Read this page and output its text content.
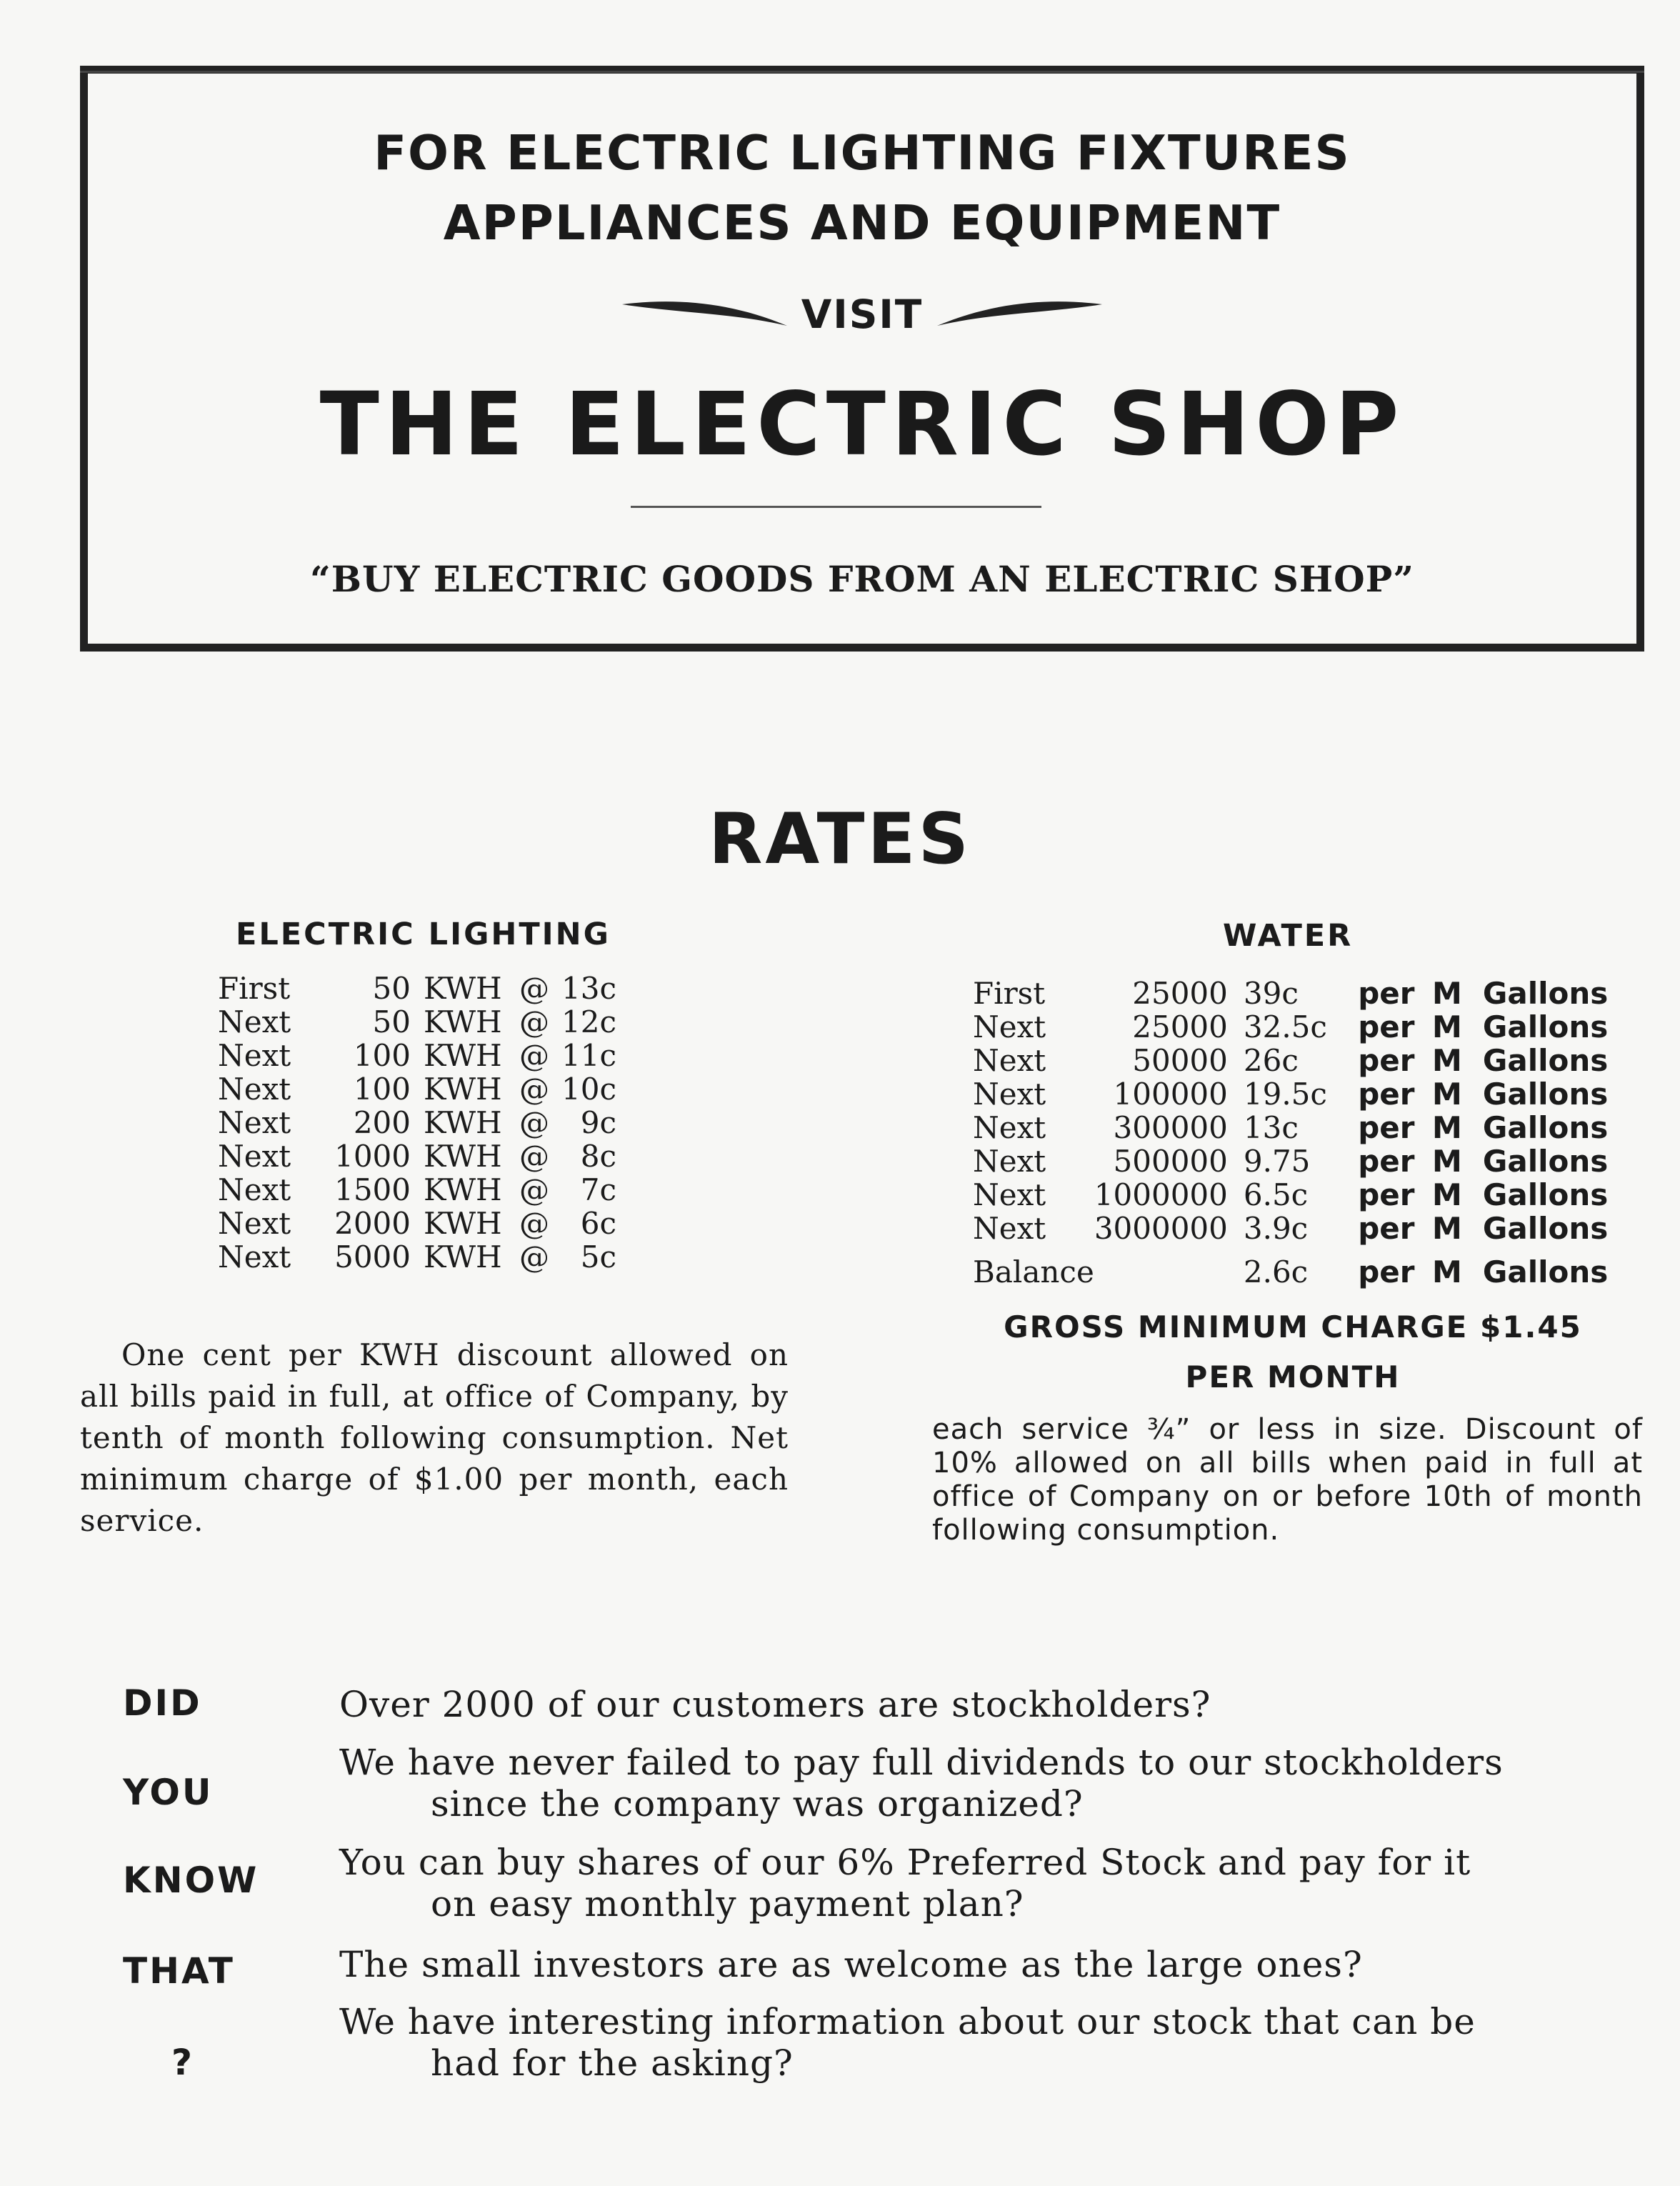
FOR ELECTRIC LIGHTING FIXTURES
APPLIANCES AND EQUIPMENT
VISIT
THE ELECTRIC SHOP
“BUY ELECTRIC GOODS FROM AN ELECTRIC SHOP”
RATES
ELECTRIC LIGHTING	WATER
First	50	KWH	@	13c
Next	50	KWH	@	12c
Next	100	KWH	@	11c
Next	100	KWH	@	10c
Next	200	KWH	@	9c
Next	1000	KWH	@	8c
Next	1500	KWH	@	7c
Next	2000	KWH	@	6c
Next	5000	KWH	@	5c
First	25000	39c	per	M	Gallons
Next	25000	32.5c	per	M	Gallons
Next	50000	26c	per	M	Gallons
Next	100000	19.5c	per	M	Gallons
Next	300000	13c	per	M	Gallons
Next	500000	9.75	per	M	Gallons
Next	1000000	6.5c	per	M	Gallons
Next	3000000	3.9c	per	M	Gallons
Balance		2.6c	per	M	Gallons
GROSS MINIMUM CHARGE $1.45
PER MONTH
One cent per KWH discount allowed on all bills paid in full, at office of Company, by tenth of month following consumption. Net minimum charge of $1.00 per month, each service.
each service ¾” or less in size. Discount of 10% allowed on all bills when paid in full at office of Company on or before 10th of month following consumption.
DID
YOU
KNOW
THAT
?
Over 2000 of our customers are stockholders?
We have never failed to pay full dividends to our stockholders
since the company was organized?
You can buy shares of our 6% Preferred Stock and pay for it
on easy monthly payment plan?
The small investors are as welcome as the large ones?
We have interesting information about our stock that can be
had for the asking?
